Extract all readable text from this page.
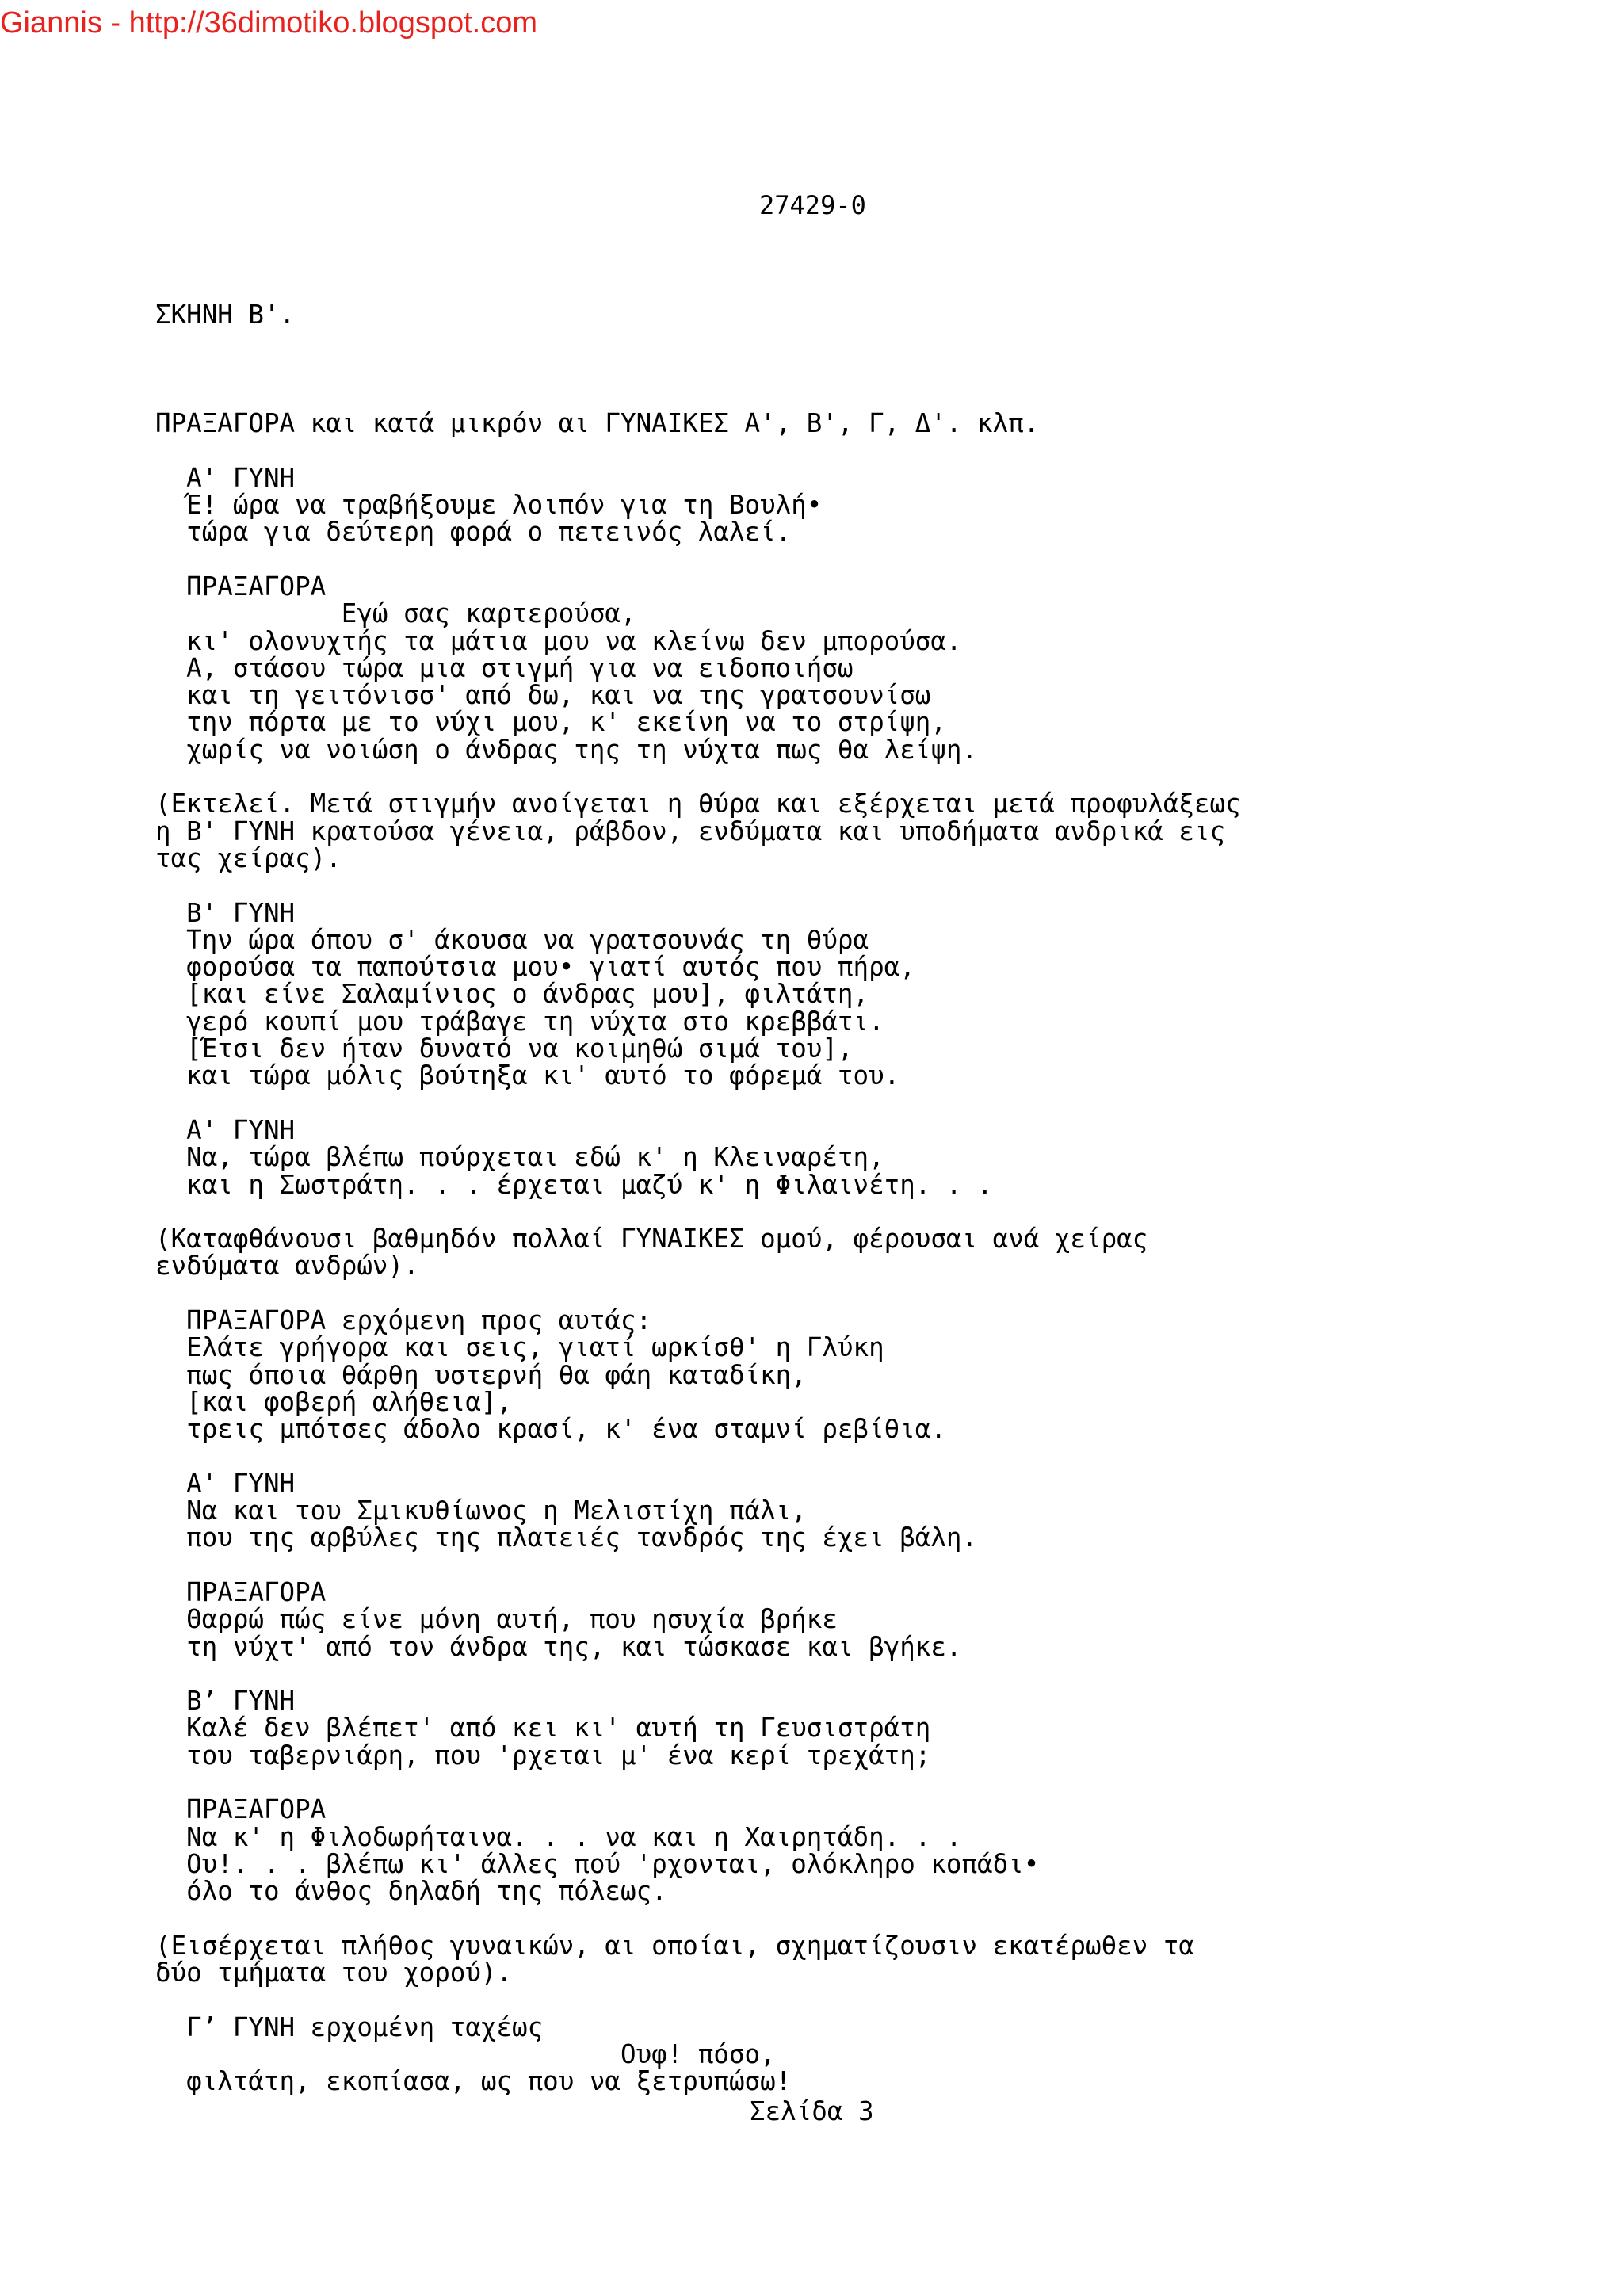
Giannis - http://36dimotiko.blogspot.com
27429-0
ΣΚΗΝΗ Β'.
ΠΡΑΞΑΓΟΡΑ και κατά μικρόν αι ΓΥΝΑΙΚΕΣ Α', Β', Γ, Δ'. κλπ.
Α' ΓΥΝΗ
Έ! ώρα να τραβήξουμε λοιπόν για τη Βουλή•
τώρα για δεύτερη φορά ο πετεινός λαλεί.
ΠΡΑΞΑΓΟΡΑ
Εγώ σας καρτερούσα,
κι' ολονυχτής τα μάτια μου να κλείνω δεν μπορούσα.
Α, στάσου τώρα μια στιγμή για να ειδοποιήσω
και τη γειτόνισσ' από δω, και να της γρατσουνίσω
την πόρτα με το νύχι μου, κ' εκείνη να το στρίψη,
χωρίς να νοιώση ο άνδρας της τη νύχτα πως θα λείψη.
(Εκτελεί. Μετά στιγμήν ανοίγεται η θύρα και εξέρχεται μετά προφυλάξεως
η Β' ΓΥΝΗ κρατούσα γένεια, ράβδον, ενδύματα και υποδήματα ανδρικά εις
τας χείρας).
Β' ΓΥΝΗ
Την ώρα όπου σ' άκουσα να γρατσουνάς τη θύρα
φορούσα τα παπούτσια μου• γιατί αυτός που πήρα,
[και είνε Σαλαμίνιος ο άνδρας μου], φιλτάτη,
γερό κουπί μου τράβαγε τη νύχτα στο κρεββάτι.
[Έτσι δεν ήταν δυνατό να κοιμηθώ σιμά του],
και τώρα μόλις βούτηξα κι' αυτό το φόρεμά του.
Α' ΓΥΝΗ
Να, τώρα βλέπω πούρχεται εδώ κ' η Κλειναρέτη,
και η Σωστράτη. . . έρχεται μαζύ κ' η Φιλαινέτη. . .
(Καταφθάνουσι βαθμηδόν πολλαί ΓΥΝΑΙΚΕΣ ομού, φέρουσαι ανά χείρας
ενδύματα ανδρών).
ΠΡΑΞΑΓΟΡΑ ερχόμενη προς αυτάς:
Ελάτε γρήγορα και σεις, γιατί ωρκίσθ' η Γλύκη
πως όποια θάρθη υστερνή θα φάη καταδίκη,
[και φοβερή αλήθεια],
τρεις μπότσες άδολο κρασί, κ' ένα σταμνί ρεβίθια.
Α' ΓΥΝΗ
Να και του Σμικυθίωνος η Μελιστίχη πάλι,
που της αρβύλες της πλατειές τανδρός της έχει βάλη.
ΠΡΑΞΑΓΟΡΑ
Θαρρώ πώς είνε μόνη αυτή, που ησυχία βρήκε
τη νύχτ' από τον άνδρα της, και τώσκασε και βγήκε.
Β’ ΓΥΝΗ
Καλέ δεν βλέπετ' από κει κι' αυτή τη Γευσιστράτη
του ταβερνιάρη, που 'ρχεται μ' ένα κερί τρεχάτη;
ΠΡΑΞΑΓΟΡΑ
Να κ' η Φιλοδωρήταινα. . . να και η Χαιρητάδη. . .
Ου!. . . βλέπω κι' άλλες πού 'ρχονται, ολόκληρο κοπάδι•
όλο το άνθος δηλαδή της πόλεως.
(Εισέρχεται πλήθος γυναικών, αι οποίαι, σχηματίζουσιν εκατέρωθεν τα
δύο τμήματα του χορού).
Γ’ ΓΥΝΗ ερχομένη ταχέως
Ουφ! πόσο,
φιλτάτη, εκοπίασα, ως που να ξετρυπώσω!
Σελίδα 3
